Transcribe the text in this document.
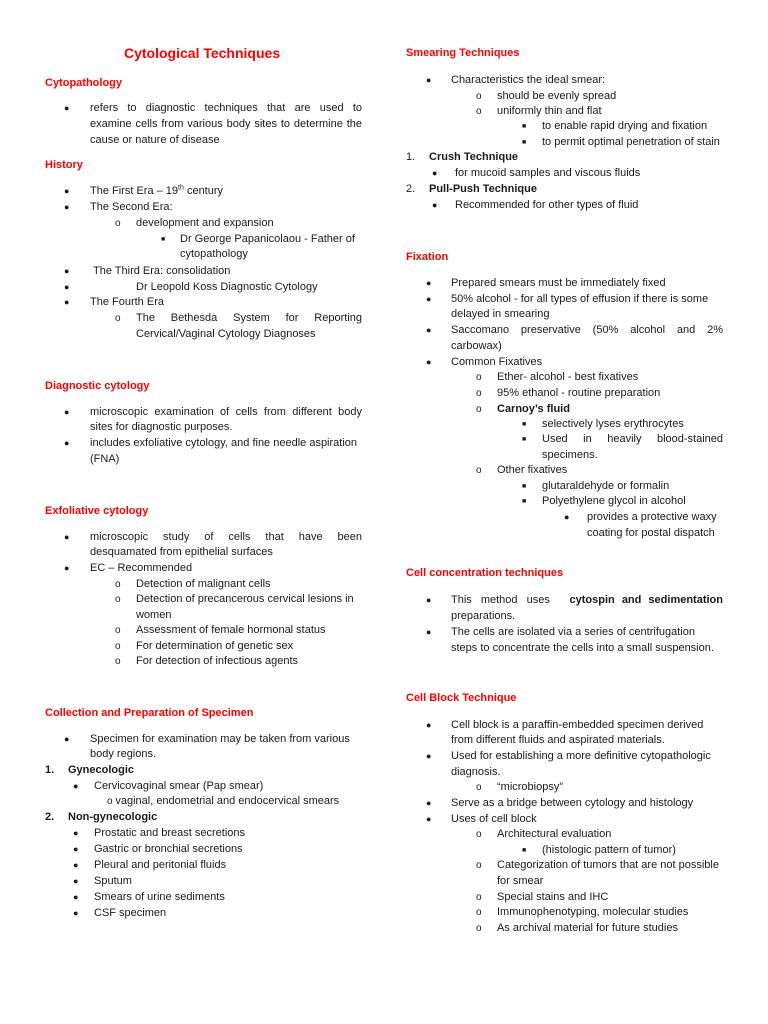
Cytological Techniques
Cytopathology
● refers to diagnostic techniques that are used to
examine cells from various body sites to determine the
cause or nature of disease
History
● The First Era – 19th century
● The Second Era:
o development and expansion
■ Dr George Papanicolaou - Father of
cytopathology
● The Third Era: consolidation
●	Dr Leopold Koss Diagnostic Cytology
● The Fourth Era
o The Bethesda System for Reporting
Cervical/Vaginal Cytology Diagnoses
Diagnostic cytology
● microscopic examination of cells from different body
sites for diagnostic purposes.
● includes exfoliative cytology, and fine needle aspiration
(FNA)
Exfoliative cytology
● microscopic study of cells that have been
desquamated from epithelial surfaces
● EC – Recommended
o Detection of malignant cells
o Detection of precancerous cervical lesions in
women
o Assessment of female hormonal status
o For determination of genetic sex
o For detection of infectious agents
Collection and Preparation of Specimen
● Specimen for examination may be taken from various
body regions.
1. Gynecologic
● Cervicovaginal smear (Pap smear)
o vaginal, endometrial and endocervical smears
2. Non-gynecologic
● Prostatic and breast secretions
● Gastric or bronchial secretions
● Pleural and peritonial fluids
● Sputum
● Smears of urine sediments
● CSF specimen
Smearing Techniques
● Characteristics the ideal smear:
o should be evenly spread
o uniformly thin and flat
■ to enable rapid drying and fixation
■ to permit optimal penetration of stain
1. Crush Technique
● for mucoid samples and viscous fluids
2. Pull-Push Technique
● Recommended for other types of fluid
Fixation
● Prepared smears must be immediately fixed
● 50% alcohol - for all types of effusion if there is some
delayed in smearing
● Saccomano preservative (50% alcohol and 2%
carbowax)
● Common Fixatives
o Ether- alcohol - best fixatives
o 95% ethanol - routine preparation
o Carnoy’s fluid
■ selectively lyses erythrocytes
■ Used in heavily blood-stained
specimens.
o Other fixatives
■ glutaraldehyde or formalin
■ Polyethylene glycol in alcohol
● provides a protective waxy
coating for postal dispatch
Cell concentration techniques
● This method uses cytospin and sedimentation
preparations.
● The cells are isolated via a series of centrifugation
steps to concentrate the cells into a small suspension.
Cell Block Technique
● Cell block is a paraffin-embedded specimen derived
from different fluids and aspirated materials.
● Used for establishing a more definitive cytopathologic
diagnosis.
o “microbiopsy”
● Serve as a bridge between cytology and histology
● Uses of cell block
o Architectural evaluation
■ (histologic pattern of tumor)
o Categorization of tumors that are not possible
for smear
o Special stains and IHC
o Immunophenotyping, molecular studies
o As archival material for future studies
